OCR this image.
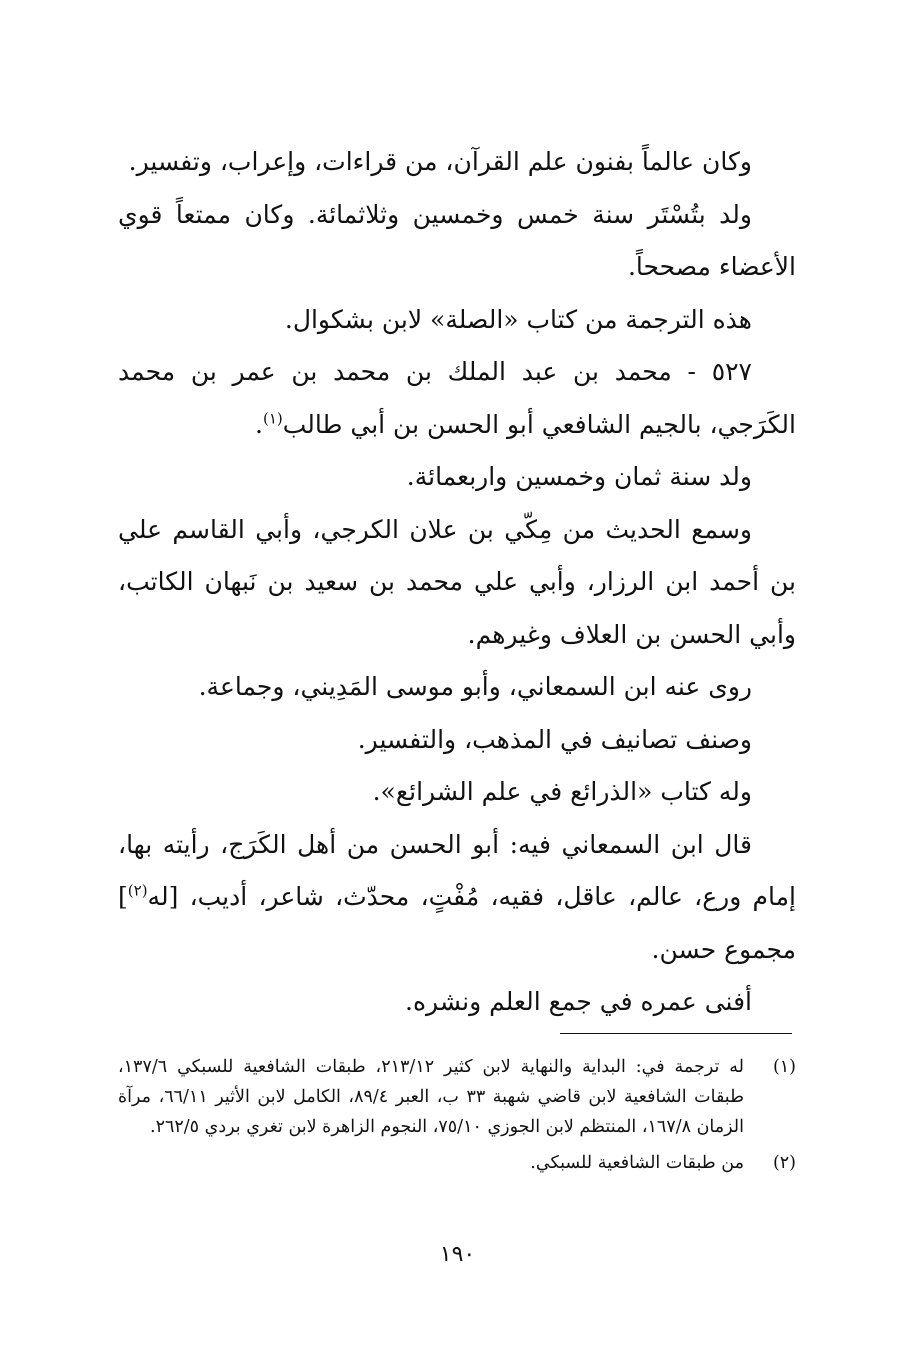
وكان عالماً بفنون علم القرآن، من قراءات، وإعراب، وتفسير.

ولد بتُسْتَر سنة خمس وخمسين وثلاثمائة. وكان ممتعاً قوي الأعضاء مصححاً.

هذه الترجمة من كتاب «الصلة» لابن بشكوال.

٥٢٧ - محمد بن عبد الملك بن محمد بن عمر بن محمد الكَرَجي، بالجيم الشافعي أبو الحسن بن أبي طالب$^{(١)}$.

ولد سنة ثمان وخمسين واربعمائة.

وسمع الحديث من مِكّي بن علان الكرجي، وأبي القاسم علي بن أحمد ابن الرزار، وأبي علي محمد بن سعيد بن نَبهان الكاتب، وأبي الحسن بن العلاف وغيرهم.

روى عنه ابن السمعاني، وأبو موسى المَدِيني، وجماعة.

وصنف تصانيف في المذهب، والتفسير.

وله كتاب «الذرائع في علم الشرائع».

قال ابن السمعاني فيه: أبو الحسن من أهل الكَرَج، رأيته بها، إمام ورع، عالم، عاقل، فقيه، مُفْتٍ، محدّث، شاعر، أديب، [له$^{(٢)}$] مجموع حسن.

أفنى عمره في جمع العلم ونشره.

(١)
له ترجمة في: البداية والنهاية لابن كثير ٢١٣/١٢، طبقات الشافعية للسبكي ١٣٧/٦، طبقات الشافعية لابن قاضي شهبة ٣٣ ب، العبر ٨٩/٤، الكامل لابن الأثير ٦٦/١١، مرآة الزمان ١٦٧/٨، المنتظم لابن الجوزي ٧٥/١٠، النجوم الزاهرة لابن تغري بردي ٢٦٢/٥.
(٢)
من طبقات الشافعية للسبكي.
١٩٠
